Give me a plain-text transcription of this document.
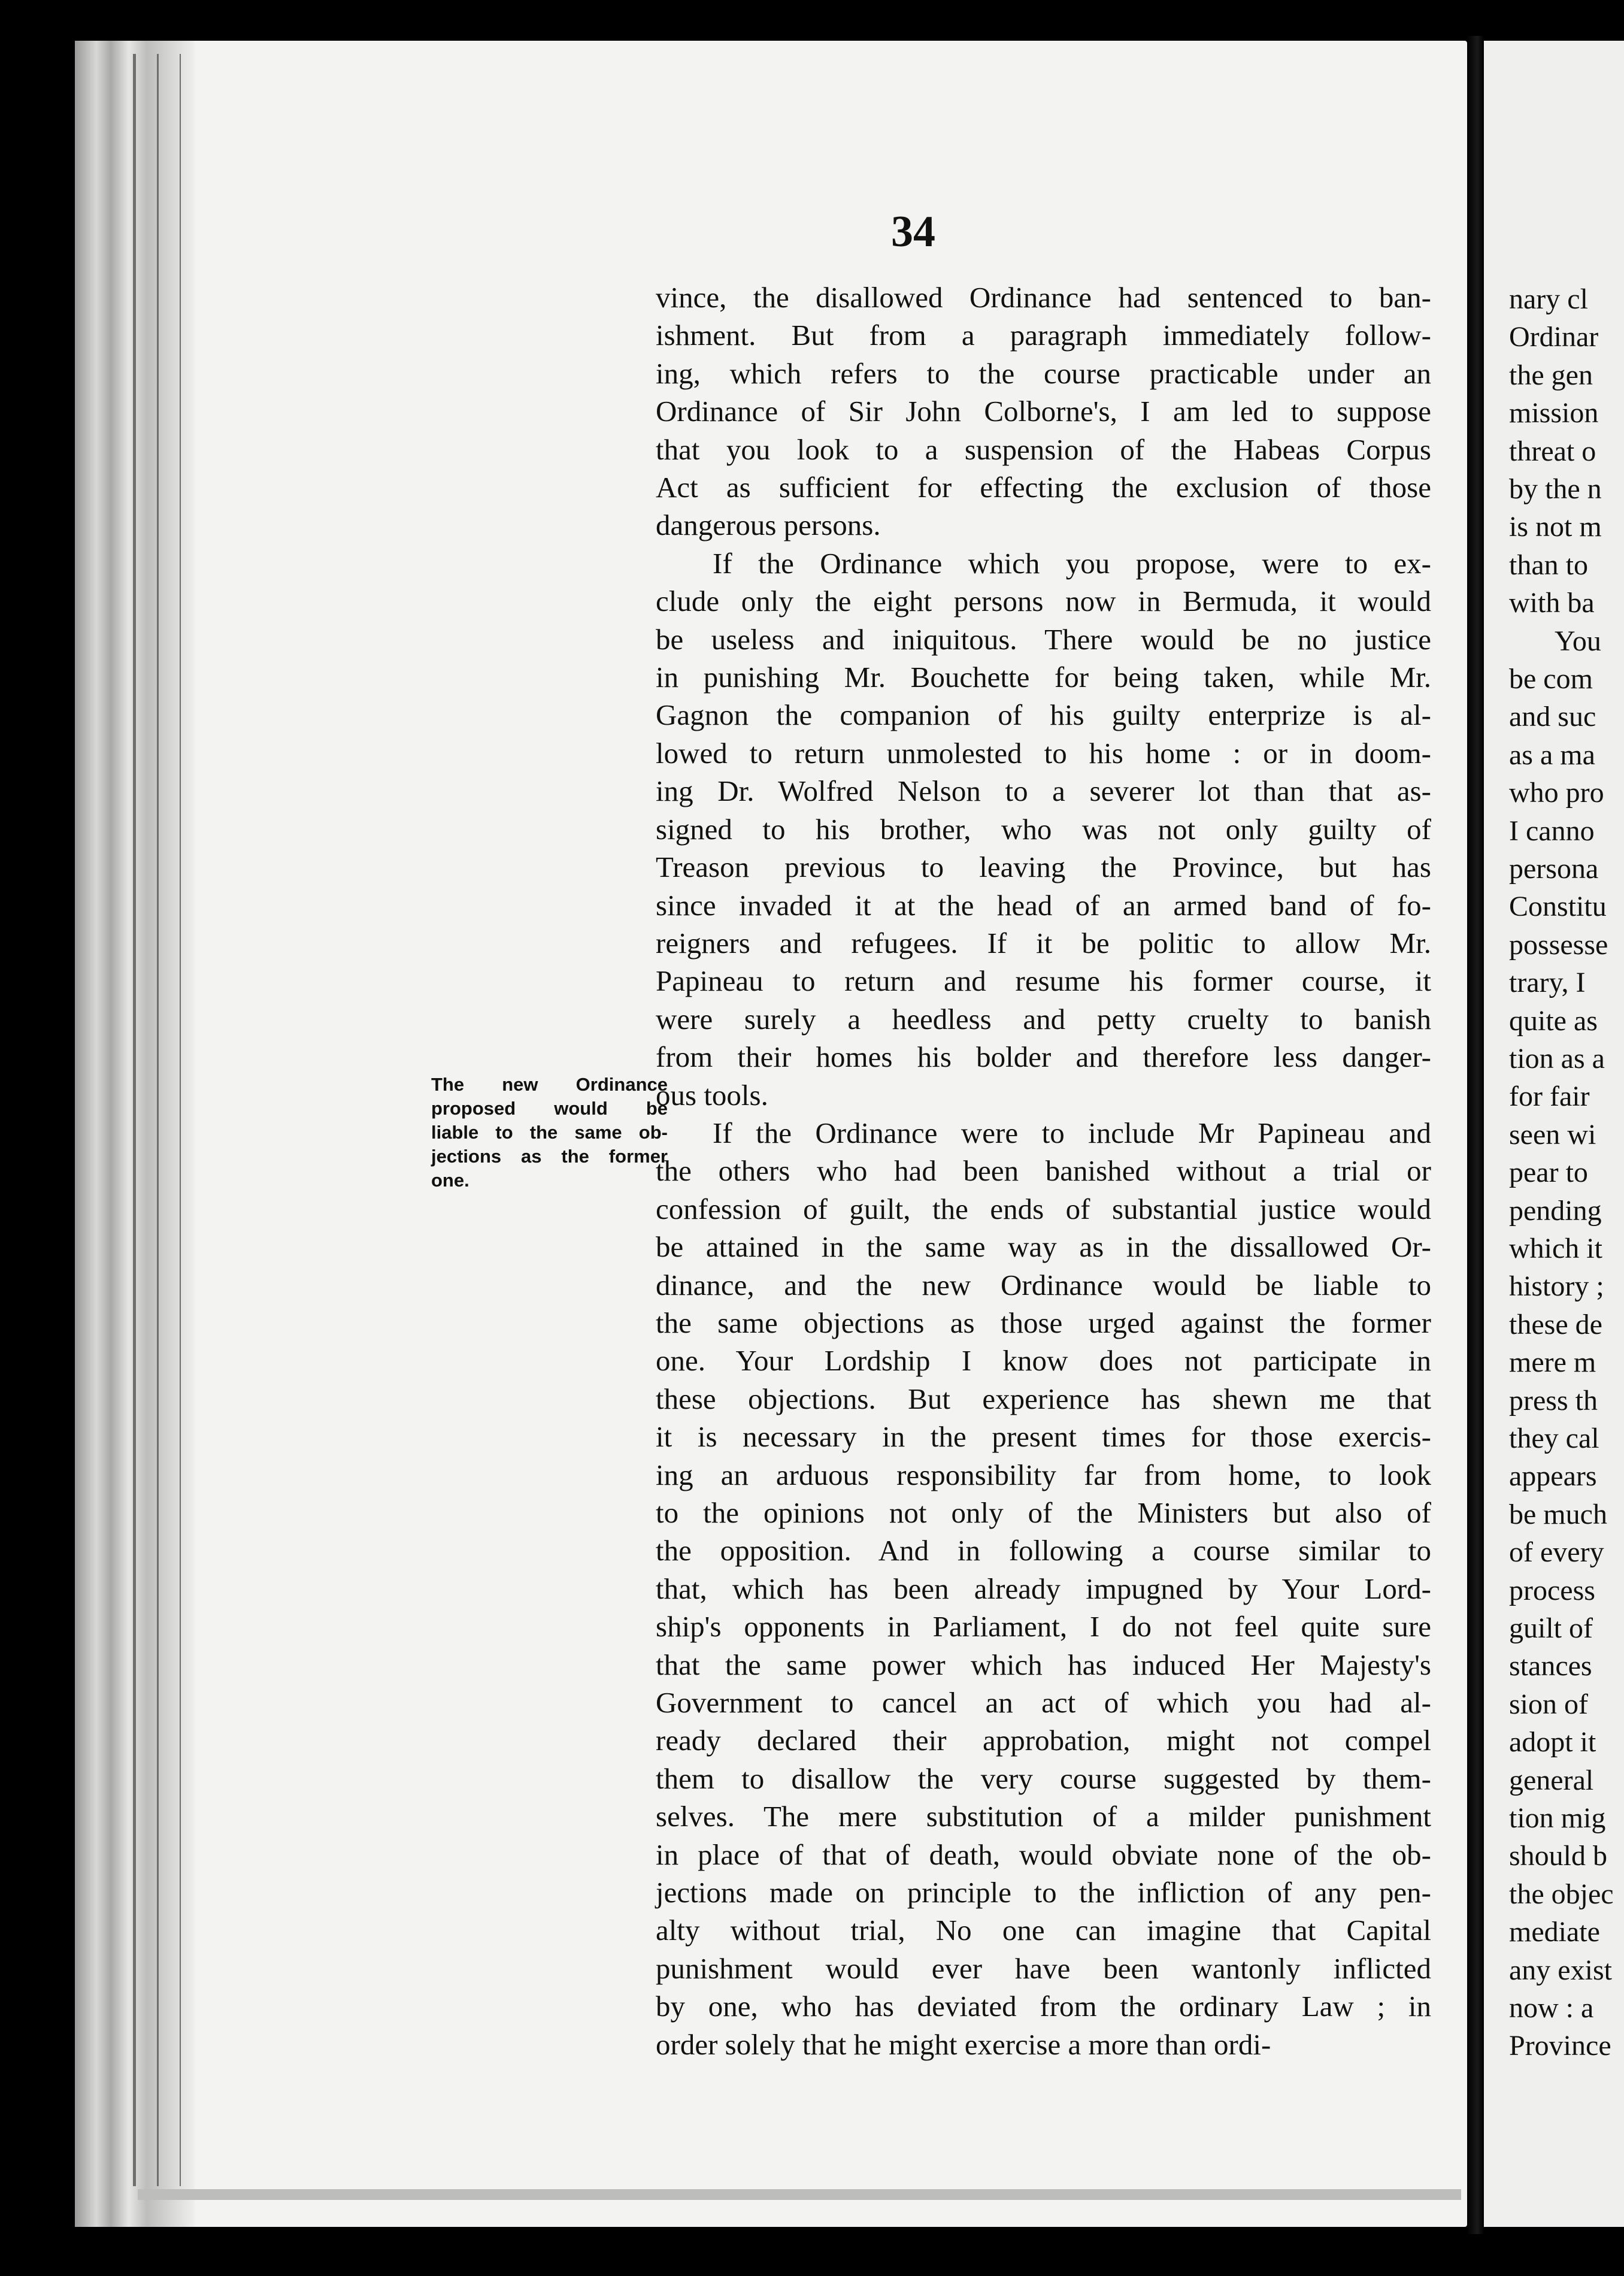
34

vince, the disallowed Ordinance had sentenced to ban-
ishment. But from a paragraph immediately follow-
ing, which refers to the course practicable under an
Ordinance of Sir John Colborne's, I am led to suppose
that you look to a suspension of the Habeas Corpus
Act as sufficient for effecting the exclusion of those
dangerous persons.

If the Ordinance which you propose, were to ex-
clude only the eight persons now in Bermuda, it would
be useless and iniquitous. There would be no justice
in punishing Mr. Bouchette for being taken, while Mr.
Gagnon the companion of his guilty enterprize is al-
lowed to return unmolested to his home : or in doom-
ing Dr. Wolfred Nelson to a severer lot than that as-
signed to his brother, who was not only guilty of
Treason previous to leaving the Province, but has
since invaded it at the head of an armed band of fo-
reigners and refugees. If it be politic to allow Mr.
Papineau to return and resume his former course, it
were surely a heedless and petty cruelty to banish
from their homes his bolder and therefore less danger-
ous tools.

If the Ordinance were to include Mr Papineau and
the others who had been banished without a trial or
confession of guilt, the ends of substantial justice would
be attained in the same way as in the dissallowed Or-
dinance, and the new Ordinance would be liable to
the same objections as those urged against the former
one. Your Lordship I know does not participate in
these objections. But experience has shewn me that
it is necessary in the present times for those exercis-
ing an arduous responsibility far from home, to look
to the opinions not only of the Ministers but also of
the opposition. And in following a course similar to
that, which has been already impugned by Your Lord-
ship's opponents in Parliament, I do not feel quite sure
that the same power which has induced Her Majesty's
Government to cancel an act of which you had al-
ready declared their approbation, might not compel
them to disallow the very course suggested by them-
selves. The mere substitution of a milder punishment
in place of that of death, would obviate none of the ob-
jections made on principle to the infliction of any pen-
alty without trial, No one can imagine that Capital
punishment would ever have been wantonly inflicted
by one, who has deviated from the ordinary Law ; in
order solely that he might exercise a more than ordi-

The new Ordinance
proposed would be
liable to the same ob-
jections as the former
one.
nary cl
Ordinar
the gen
mission
threat o
by the n
is not m
than to
with ba
You
be com
and suc
as a ma
who pro
I canno
persona
Constitu
possesse
trary, I
quite as
tion as a
for fair
seen wi
pear to
pending
which it
history ;
these de
mere m
press th
they cal
appears
be much
of every
process
guilt of
stances
sion of
adopt it
general
tion mig
should b
the objec
mediate
any exist
now : a
Province
